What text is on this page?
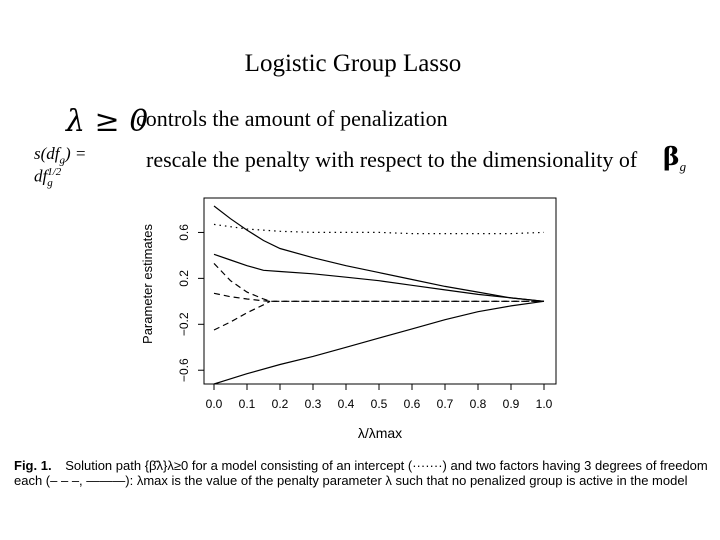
Logistic Group Lasso
λ ≥ 0
controls the amount of penalization
$s(df_g) = df^{1/2}_g$
rescale the penalty with respect to the dimensionality of $\beta_g$
0.0 0.1 0.2 0.3 0.4 0.5 0.6 0.7 0.8 0.9 1.0
−0.6
−0.2
0.2
0.6
Parameter estimates
λ/λmax
Fig. 1. Solution path {β̂λ}λ≥0 for a model consisting of an intercept (·······) and two factors having 3 degrees of freedom each (– – –, ———): λmax is the value of the penalty parameter λ such that no penalized group is active in the model
